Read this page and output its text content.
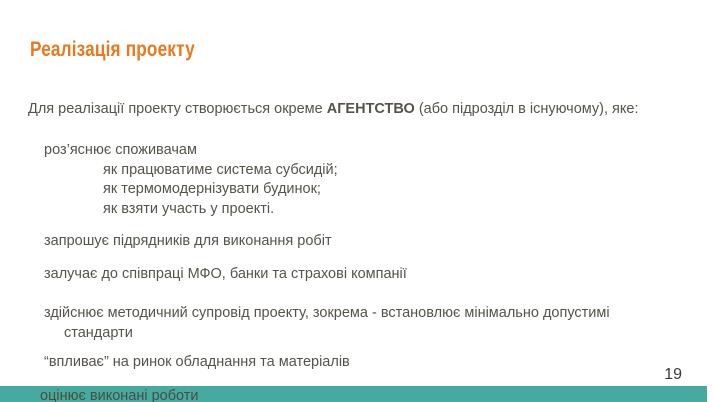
Реалізація проекту
Для реалізації проекту створюється окреме АГЕНТСТВО (або підрозділ в існуючому), яке:
роз’яснює споживачам
як працюватиме система субсидій;
як термомодернізувати будинок;
як взяти участь у проекті.
запрошує підрядників для виконання робіт
залучає до співпраці МФО, банки та страхові компанії
здійснює методичний супровід проекту, зокрема - встановлює мінімально допустимі
стандарти
“впливає” на ринок обладнання та матеріалів
19
оцінює виконані роботи
